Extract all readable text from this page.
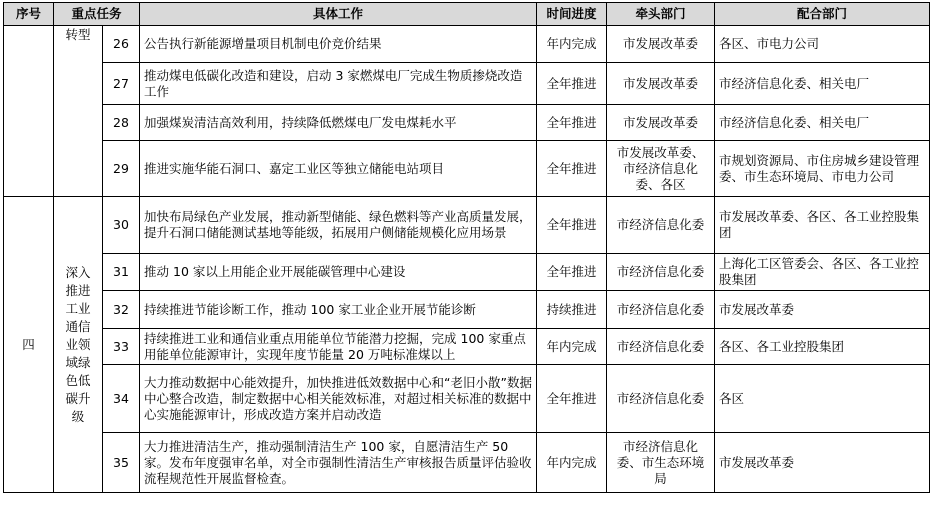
序号	重点任务		具体工作	时间进度	牵头部门	配合部门
	转型	26	公告执行新能源增量项目机制电价竞价结果	年内完成	市发展改革委	各区、市电力公司
		27	推动煤电低碳化改造和建设，启动 3 家燃煤电厂完成生物质掺烧改造工作	全年推进	市发展改革委	市经济信息化委、相关电厂
		28	加强煤炭清洁高效利用，持续降低燃煤电厂发电煤耗水平	全年推进	市发展改革委	市经济信息化委、相关电厂
		29	推进实施华能石洞口、嘉定工业区等独立储能电站项目	全年推进	市发展改革委、市经济信息化委、各区	市规划资源局、市住房城乡建设管理委、市生态环境局、市电力公司
四	深入推进工业通信业领域绿色低碳升级	30	加快布局绿色产业发展，推动新型储能、绿色燃料等产业高质量发展，提升石洞口储能测试基地等能级，拓展用户侧储能规模化应用场景	全年推进	市经济信息化委	市发展改革委、各区、各工业控股集团
		31	推动 10 家以上用能企业开展能碳管理中心建设	全年推进	市经济信息化委	上海化工区管委会、各区、各工业控股集团
		32	持续推进节能诊断工作，推动 100 家工业企业开展节能诊断	持续推进	市经济信息化委	市发展改革委
		33	持续推进工业和通信业重点用能单位节能潜力挖掘，完成 100 家重点用能单位能源审计，实现年度节能量 20 万吨标准煤以上	年内完成	市经济信息化委	各区、各工业控股集团
		34	大力推动数据中心能效提升，加快推进低效数据中心和“老旧小散”数据中心整合改造，制定数据中心相关能效标准，对超过相关标准的数据中心实施能源审计，形成改造方案并启动改造	全年推进	市经济信息化委	各区
		35	大力推进清洁生产，推动强制清洁生产 100 家，自愿清洁生产 50 家。发布年度强审名单，对全市强制性清洁生产审核报告质量评估验收流程规范性开展监督检查。	年内完成	市经济信息化委、市生态环境局	市发展改革委
